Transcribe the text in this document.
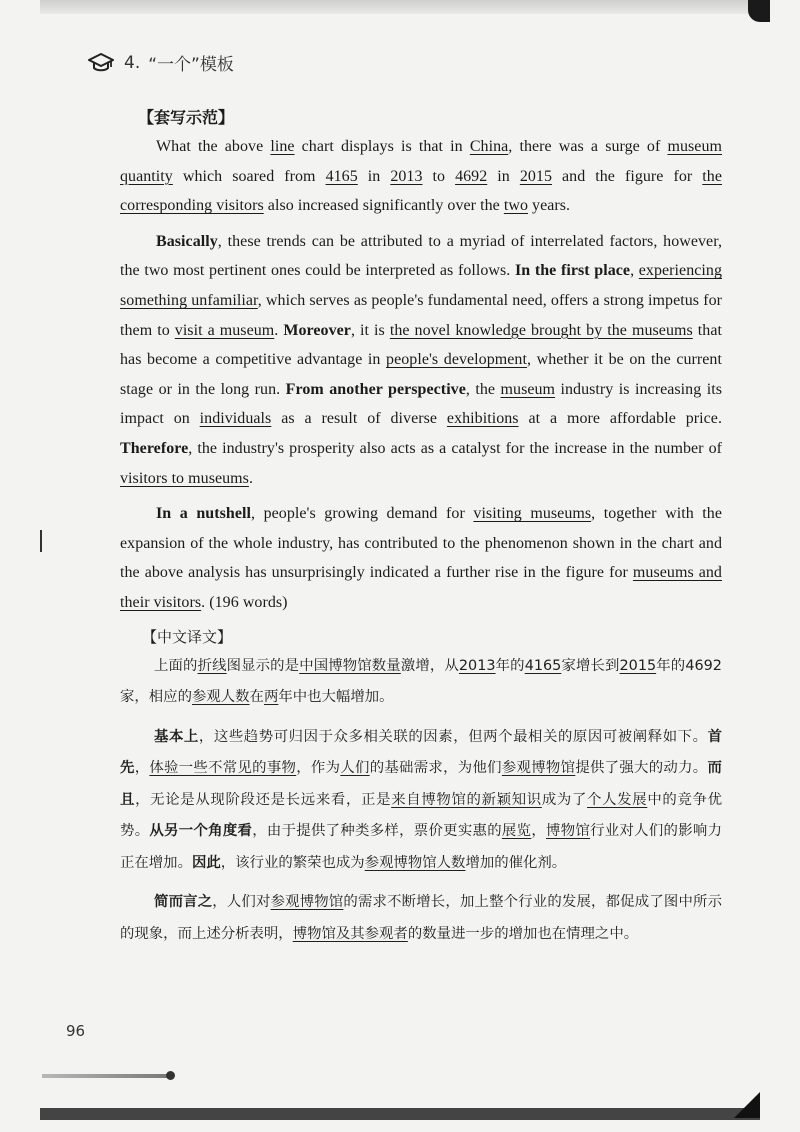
4. “一个”模板
【套写示范】

What the above line chart displays is that in China, there was a surge of museum quantity which soared from 4165 in 2013 to 4692 in 2015 and the figure for the corresponding visitors also increased significantly over the two years.

Basically, these trends can be attributed to a myriad of interrelated factors, however, the two most pertinent ones could be interpreted as follows. In the first place, experiencing something unfamiliar, which serves as people's fundamental need, offers a strong impetus for them to visit a museum. Moreover, it is the novel knowledge brought by the museums that has become a competitive advantage in people's development, whether it be on the current stage or in the long run. From another perspective, the museum industry is increasing its impact on individuals as a result of diverse exhibitions at a more affordable price. Therefore, the industry's prosperity also acts as a catalyst for the increase in the number of visitors to museums.

In a nutshell, people's growing demand for visiting museums, together with the expansion of the whole industry, has contributed to the phenomenon shown in the chart and the above analysis has unsurprisingly indicated a further rise in the figure for museums and their visitors. (196 words)

【中文译文】

上面的折线图显示的是中国博物馆数量激增，从2013年的4165家增长到2015年的4692家，相应的参观人数在两年中也大幅增加。

基本上，这些趋势可归因于众多相关联的因素，但两个最相关的原因可被阐释如下。首先，体验一些不常见的事物，作为人们的基础需求，为他们参观博物馆提供了强大的动力。而且，无论是从现阶段还是长远来看，正是来自博物馆的新颖知识成为了个人发展中的竞争优势。从另一个角度看，由于提供了种类多样，票价更实惠的展览，博物馆行业对人们的影响力正在增加。因此，该行业的繁荣也成为参观博物馆人数增加的催化剂。

简而言之，人们对参观博物馆的需求不断增长，加上整个行业的发展，都促成了图中所示的现象，而上述分析表明，博物馆及其参观者的数量进一步的增加也在情理之中。

96
